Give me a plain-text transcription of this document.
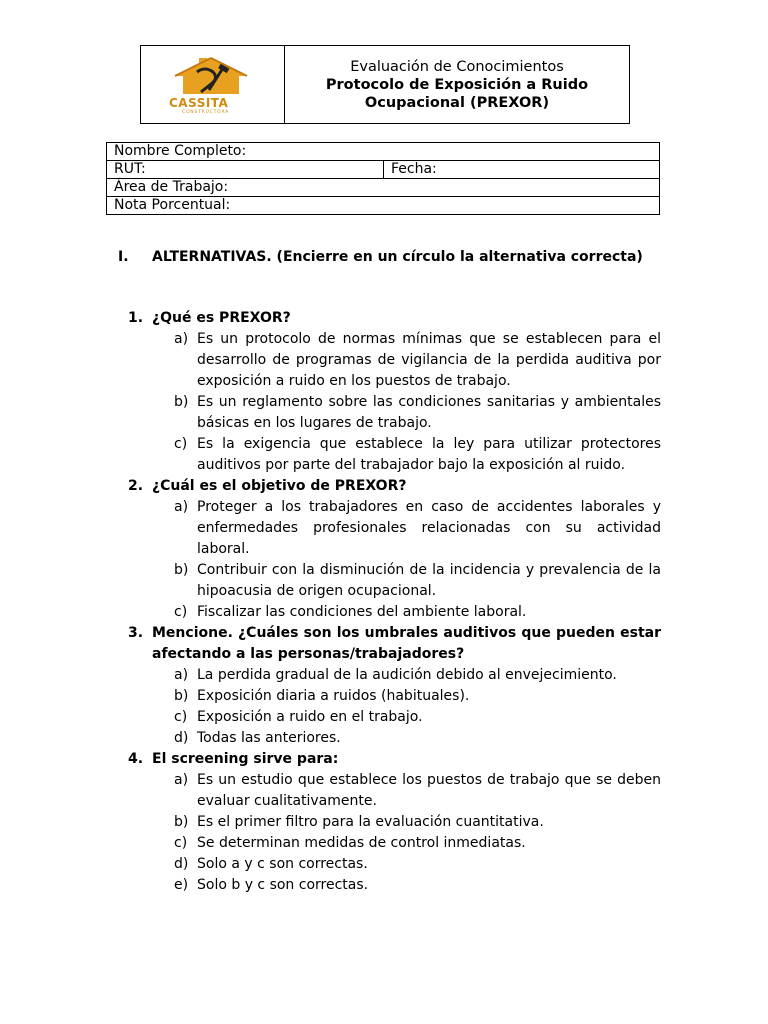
CASSITA
CONSTRUCTORA
Evaluación de Conocimientos
Protocolo de Exposición a Ruido
Ocupacional (PREXOR)
Nombre Completo:
RUT:	Fecha:
Área de Trabajo:
Nota Porcentual:
I. ALTERNATIVAS. (Encierre en un círculo la alternativa correcta)
1. ¿Qué es PREXOR?
a) Es un protocolo de normas mínimas que se establecen para el desarrollo de programas de vigilancia de la perdida auditiva por exposición a ruido en los puestos de trabajo.
b) Es un reglamento sobre las condiciones sanitarias y ambientales básicas en los lugares de trabajo.
c) Es la exigencia que establece la ley para utilizar protectores auditivos por parte del trabajador bajo la exposición al ruido.
2. ¿Cuál es el objetivo de PREXOR?
a) Proteger a los trabajadores en caso de accidentes laborales y enfermedades profesionales relacionadas con su actividad laboral.
b) Contribuir con la disminución de la incidencia y prevalencia de la hipoacusia de origen ocupacional.
c) Fiscalizar las condiciones del ambiente laboral.
3. Mencione. ¿Cuáles son los umbrales auditivos que pueden estar afectando a las personas/trabajadores?
a) La perdida gradual de la audición debido al envejecimiento.
b) Exposición diaria a ruidos (habituales).
c) Exposición a ruido en el trabajo.
d) Todas las anteriores.
4. El screening sirve para:
a) Es un estudio que establece los puestos de trabajo que se deben evaluar cualitativamente.
b) Es el primer filtro para la evaluación cuantitativa.
c) Se determinan medidas de control inmediatas.
d) Solo a y c son correctas.
e) Solo b y c son correctas.
